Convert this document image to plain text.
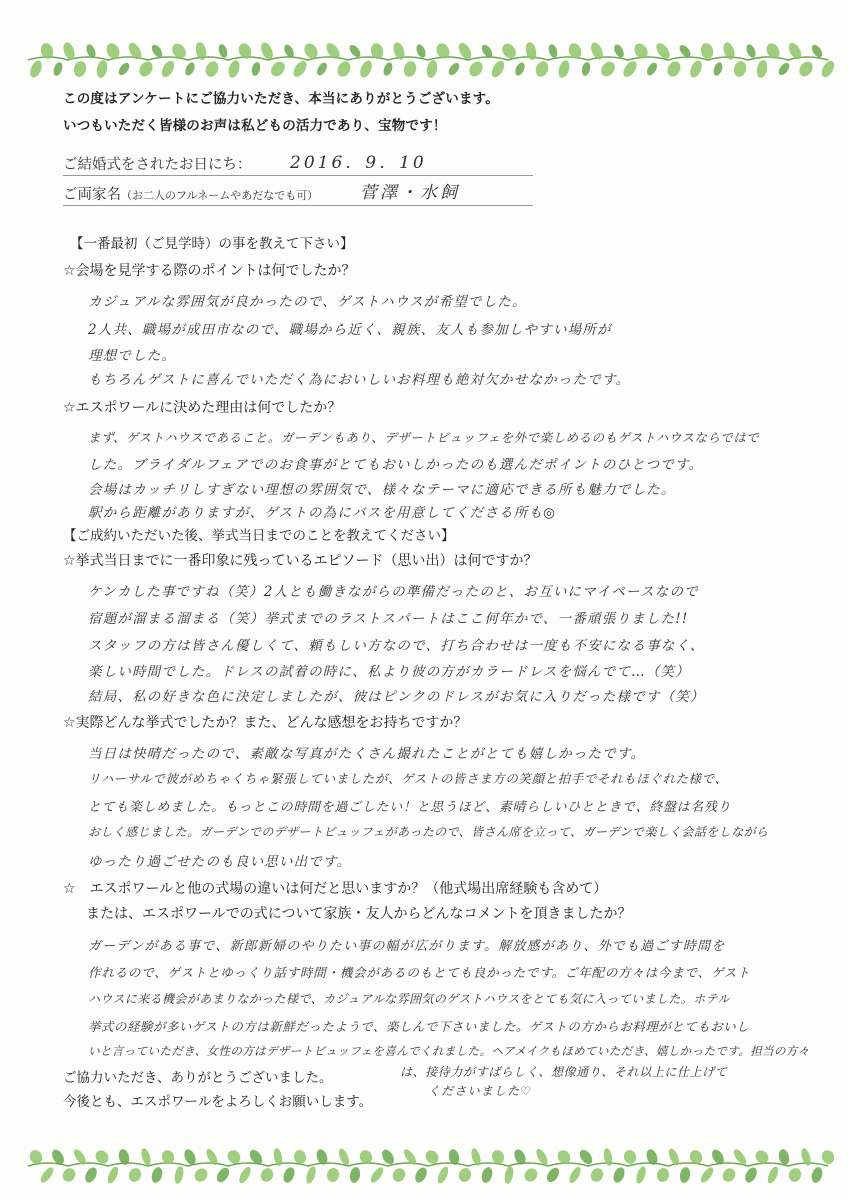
この度はアンケートにご協力いただき、本当にありがとうございます。
いつもいただく皆様のお声は私どもの活力であり、宝物です！
ご結婚式をされたお日にち： 2016．9．10
ご両家名（お二人のフルネームやあだなでも可） 菅澤・水飼
【一番最初（ご見学時）の事を教えて下さい】
☆会場を見学する際のポイントは何でしたか？
カジュアルな雰囲気が良かったので、ゲストハウスが希望でした。
2人共、職場が成田市なので、職場から近く、親族、友人も参加しやすい場所が
理想でした。
もちろんゲストに喜んでいただく為においしいお料理も絶対欠かせなかったです。
☆エスポワールに決めた理由は何でしたか？
まず、ゲストハウスであること。ガーデンもあり、デザートビュッフェを外で楽しめるのもゲストハウスならではで
した。ブライダルフェアでのお食事がとてもおいしかったのも選んだポイントのひとつです。
会場はカッチリしすぎない理想の雰囲気で、様々なテーマに適応できる所も魅力でした。
駅から距離がありますが、ゲストの為にバスを用意してくださる所も◎
【ご成約いただいた後、挙式当日までのことを教えてください】
☆挙式当日までに一番印象に残っているエピソード（思い出）は何ですか？
ケンカした事ですね（笑）2人とも働きながらの準備だったのと、お互いにマイペースなので
宿題が溜まる溜まる（笑）挙式までのラストスパートはここ何年かで、一番頑張りました!!
スタッフの方は皆さん優しくて、頼もしい方なので、打ち合わせは一度も不安になる事なく、
楽しい時間でした。ドレスの試着の時に、私より彼の方がカラードレスを悩んでて…（笑）
結局、私の好きな色に決定しましたが、彼はピンクのドレスがお気に入りだった様です（笑）
☆実際どんな挙式でしたか？また、どんな感想をお持ちですか？
当日は快晴だったので、素敵な写真がたくさん撮れたことがとても嬉しかったです。
リハーサルで彼がめちゃくちゃ緊張していましたが、ゲストの皆さま方の笑顔と拍手でそれもほぐれた様で、
とても楽しめました。もっとこの時間を過ごしたい！と思うほど、素晴らしいひとときで、終盤は名残り
おしく感じました。ガーデンでのデザートビュッフェがあったので、皆さん席を立って、ガーデンで楽しく会話をしながら
ゆったり過ごせたのも良い思い出です。
☆　エスポワールと他の式場の違いは何だと思いますか？（他式場出席経験も含めて）
または、エスポワールでの式について家族・友人からどんなコメントを頂きましたか？
ガーデンがある事で、新郎新婦のやりたい事の幅が広がります。解放感があり、外でも過ごす時間を
作れるので、ゲストとゆっくり話す時間・機会があるのもとても良かったです。ご年配の方々は今まで、ゲスト
ハウスに来る機会があまりなかった様で、カジュアルな雰囲気のゲストハウスをとても気に入っていました。ホテル
挙式の経験が多いゲストの方は新鮮だったようで、楽しんで下さいました。ゲストの方からお料理がとてもおいし
いと言っていただき、女性の方はデザートビュッフェを喜んでくれました。ヘアメイクもほめていただき、嬉しかったです。担当の方々
ご協力いただき、ありがとうございました。	は、接待力がすばらしく、想像通り、それ以上に仕上げて
くださいました♡
今後とも、エスポワールをよろしくお願いします。
